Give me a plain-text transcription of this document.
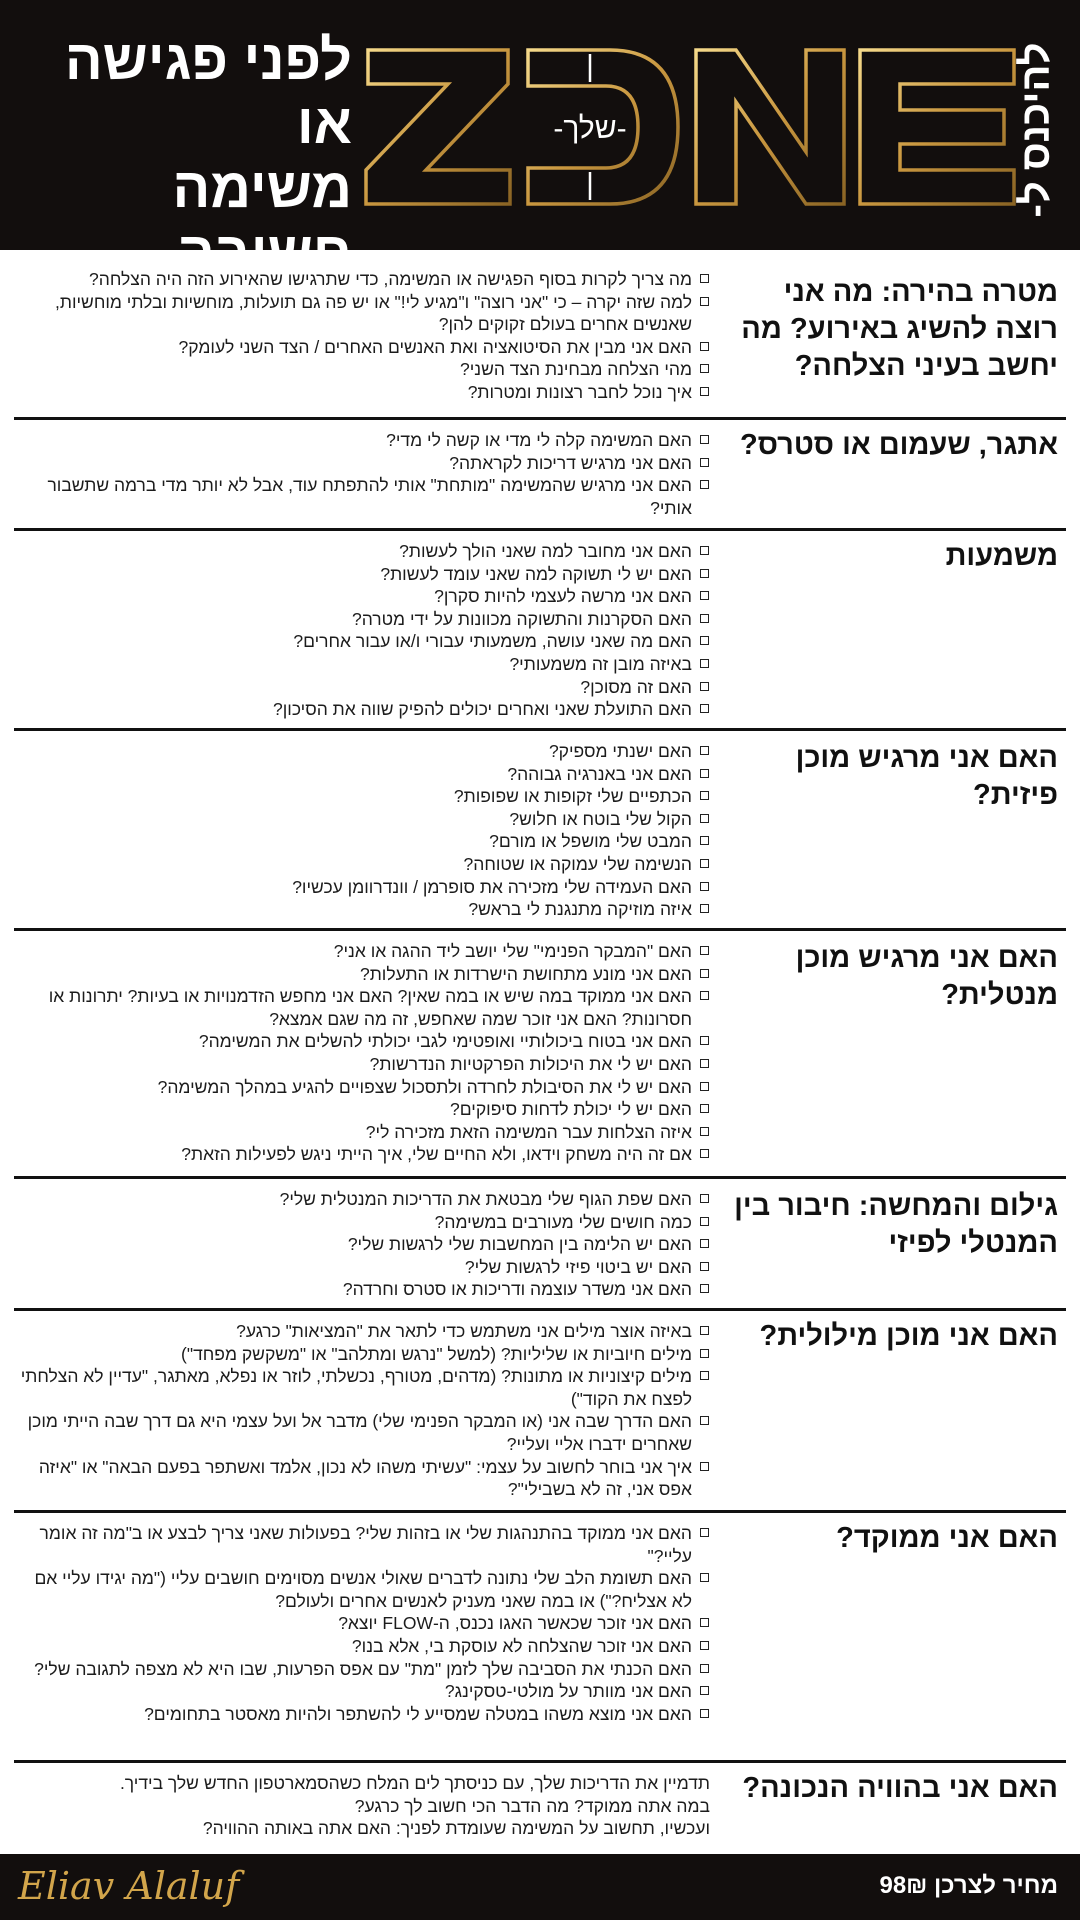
להיכנס ל-
-שלך-
לפני פגישה
או
משימה חשובה
מטרה בהירה: מה אני רוצה להשיג באירוע? מה יחשב בעיני הצלחה?
מה צריך לקרות בסוף הפגישה או המשימה, כדי שתרגישו שהאירוע הזה היה הצלחה?
למה שזה יקרה – כי "אני רוצה" ו"מגיע לי!" או יש פה גם תועלות, מוחשיות ובלתי מוחשיות, שאנשים אחרים בעולם זקוקים להן?
האם אני מבין את הסיטואציה ואת האנשים האחרים / הצד השני לעומק?
מהי הצלחה מבחינת הצד השני?
איך נוכל לחבר רצונות ומטרות?
אתגר, שעמום או סטרס?
האם המשימה קלה לי מדי או קשה לי מדי?
האם אני מרגיש דריכות לקראתה?
האם אני מרגיש שהמשימה "מותחת" אותי להתפתח עוד, אבל לא יותר מדי ברמה שתשבור אותי?
משמעות
האם אני מחובר למה שאני הולך לעשות?
האם יש לי תשוקה למה שאני עומד לעשות?
האם אני מרשה לעצמי להיות סקרן?
האם הסקרנות והתשוקה מכוונות על ידי מטרה?
האם מה שאני עושה, משמעותי עבורי ו/או עבור אחרים?
באיזה מובן זה משמעותי?
האם זה מסוכן?
האם התועלת שאני ואחרים יכולים להפיק שווה את הסיכון?
האם אני מרגיש מוכן פיזית?
האם ישנתי מספיק?
האם אני באנרגיה גבוהה?
הכתפיים שלי זקופות או שפופות?
הקול שלי בוטח או חלוש?
המבט שלי מושפל או מורם?
הנשימה שלי עמוקה או שטוחה?
האם העמידה שלי מזכירה את סופרמן / וונדרוומן עכשיו?
איזה מוזיקה מתנגנת לי בראש?
האם אני מרגיש מוכן מנטלית?
האם "המבקר הפנימי" שלי יושב ליד ההגה או אני?
האם אני מונע מתחושת הישרדות או התעלות?
האם אני ממוקד במה שיש או במה שאין? האם אני מחפש הזדמנויות או בעיות? יתרונות או חסרונות? האם אני זוכר שמה שאחפש, זה מה שגם אמצא?
האם אני בטוח ביכולותיי ואופטימי לגבי יכולתי להשלים את המשימה?
האם יש לי את היכולות הפרקטיות הנדרשות?
האם יש לי את הסיבולת לחרדה ולתסכול שצפויים להגיע במהלך המשימה?
האם יש לי יכולת לדחות סיפוקים?
איזה הצלחות עבר המשימה הזאת מזכירה לי?
אם זה היה משחק וידאו, ולא החיים שלי, איך הייתי ניגש לפעילות הזאת?
גילום והמחשה: חיבור בין המנטלי לפיזי
האם שפת הגוף שלי מבטאת את הדריכות המנטלית שלי?
כמה חושים שלי מעורבים במשימה?
האם יש הלימה בין המחשבות שלי לרגשות שלי?
האם יש ביטוי פיזי לרגשות שלי?
האם אני משדר עוצמה ודריכות או סטרס וחרדה?
האם אני מוכן מילולית?
באיזה אוצר מילים אני משתמש כדי לתאר את "המציאות" כרגע?
מילים חיוביות או שליליות? (למשל "נרגש ומתלהב" או "משקשק מפחד")
מילים קיצוניות או מתונות? (מדהים, מטורף, נכשלתי, לוזר או נפלא, מאתגר, "עדיין לא הצלחתי לפצח את הקוד")
האם הדרך שבה אני (או המבקר הפנימי שלי) מדבר אל ועל עצמי היא גם דרך שבה הייתי מוכן שאחרים ידברו אליי ועליי?
איך אני בוחר לחשוב על עצמי: "עשיתי משהו לא נכון, אלמד ואשתפר בפעם הבאה" או "איזה אפס אני, זה לא בשבילי"?
האם אני ממוקד?
האם אני ממוקד בהתנהגות שלי או בזהות שלי? בפעולות שאני צריך לבצע או ב"מה זה אומר עליי?"
האם תשומת הלב שלי נתונה לדברים שאולי אנשים מסוימים חושבים עליי ("מה יגידו עליי אם לא אצליח?") או במה שאני מעניק לאנשים אחרים ולעולם?
האם אני זוכר שכאשר האגו נכנס, ה-FLOW יוצא?
האם אני זוכר שהצלחה לא עוסקת בי, אלא בנו?
האם הכנתי את הסביבה שלך לזמן "מת" עם אפס הפרעות, שבו היא לא מצפה לתגובה שלי?
האם אני מוותר על מולטי-טסקינג?
האם אני מוצא משהו במטלה שמסייע לי להשתפר ולהיות מאסטר בתחומים?
האם אני בהוויה הנכונה?
תדמיין את הדריכות שלך, עם כניסתך לים המלח כשהסמארטפון החדש שלך בידיך.
במה אתה ממוקד? מה הדבר הכי חשוב לך כרגע?
ועכשיו, תחשוב על המשימה שעומדת לפניך: האם אתה באותה ההוויה?
Eliav Alaluf	מחיר לצרכן 98₪
